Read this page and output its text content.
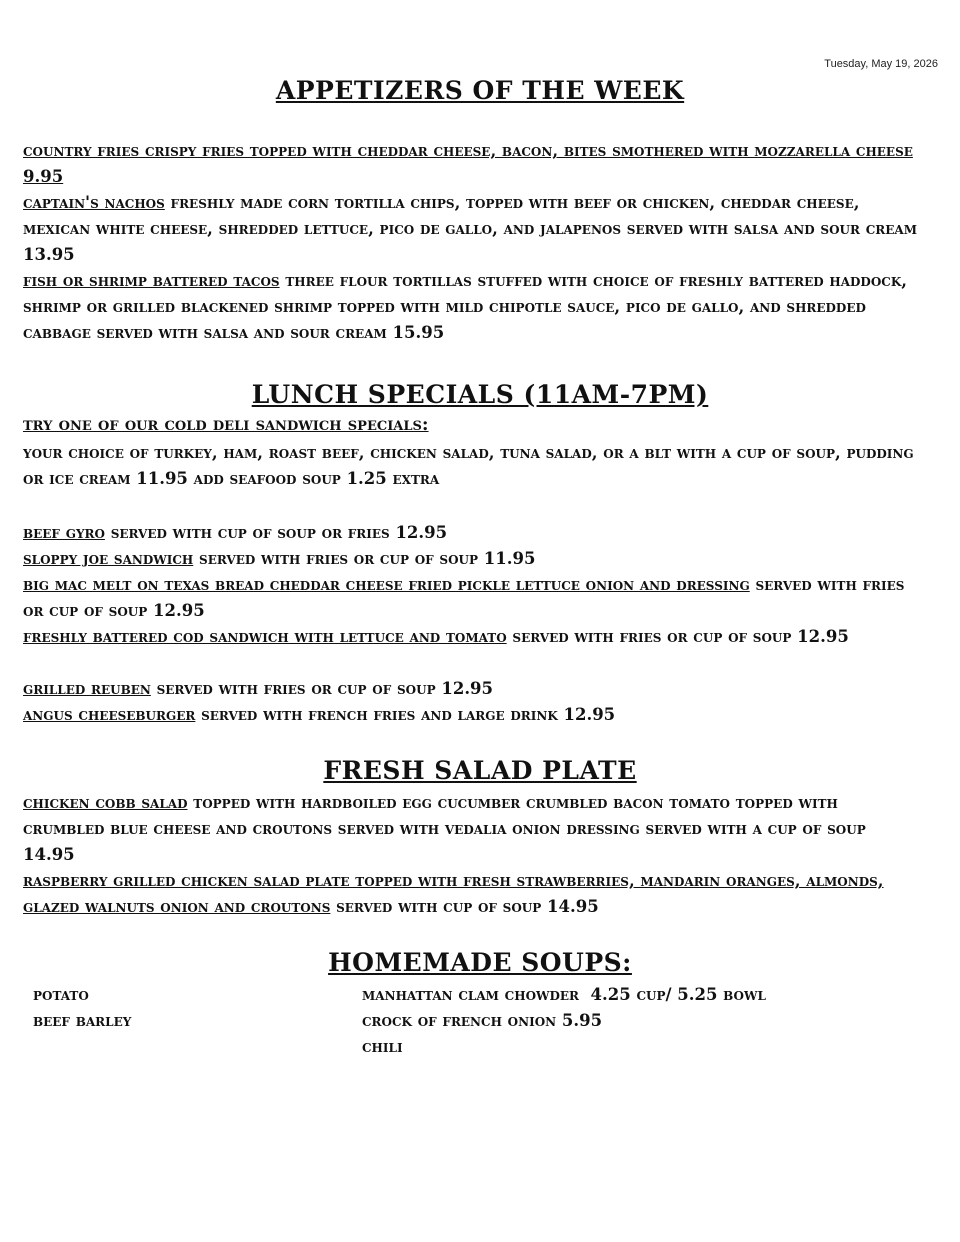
Tuesday, May 19, 2026
APPETIZERS OF THE WEEK
country fries crispy fries topped with cheddar cheese, bacon, bites smothered with mozzarella cheese 9.95
captain's nachos freshly made corn tortilla chips, topped with beef or chicken, cheddar cheese, mexican white cheese, shredded lettuce, pico de gallo, and jalapenos served with salsa and sour cream 13.95
fish or shrimp battered tacos three flour tortillas stuffed with choice of freshly battered haddock, shrimp or grilled blackened shrimp topped with mild chipotle sauce, pico de gallo, and shredded cabbage served with salsa and sour cream 15.95
LUNCH SPECIALS (11AM-7PM)
try one of our cold deli sandwich specials:
your choice of turkey, ham, roast beef, chicken salad, tuna salad, or a blt with a cup of soup, pudding or ice cream 11.95 add seafood soup 1.25 extra
beef gyro served with cup of soup or fries 12.95
sloppy joe sandwich served with fries or cup of soup 11.95
big mac melt on texas bread cheddar cheese fried pickle lettuce onion and dressing served with fries or cup of soup 12.95
freshly battered cod sandwich with lettuce and tomato served with fries or cup of soup 12.95
grilled reuben served with fries or cup of soup 12.95
angus cheeseburger served with french fries and large drink 12.95
FRESH SALAD PLATE
chicken cobb salad topped with hardboiled egg cucumber crumbled bacon tomato topped with crumbled blue cheese and croutons served with vedalia onion dressing served with a cup of soup 14.95
raspberry grilled chicken salad plate topped with fresh strawberries, mandarin oranges, almonds, glazed walnuts onion and croutons served with cup of soup 14.95
HOMEMADE SOUPS:
potato
beef barley
manhattan clam chowder  4.25 cup/ 5.25 bowl
crock of french onion 5.95
chili
